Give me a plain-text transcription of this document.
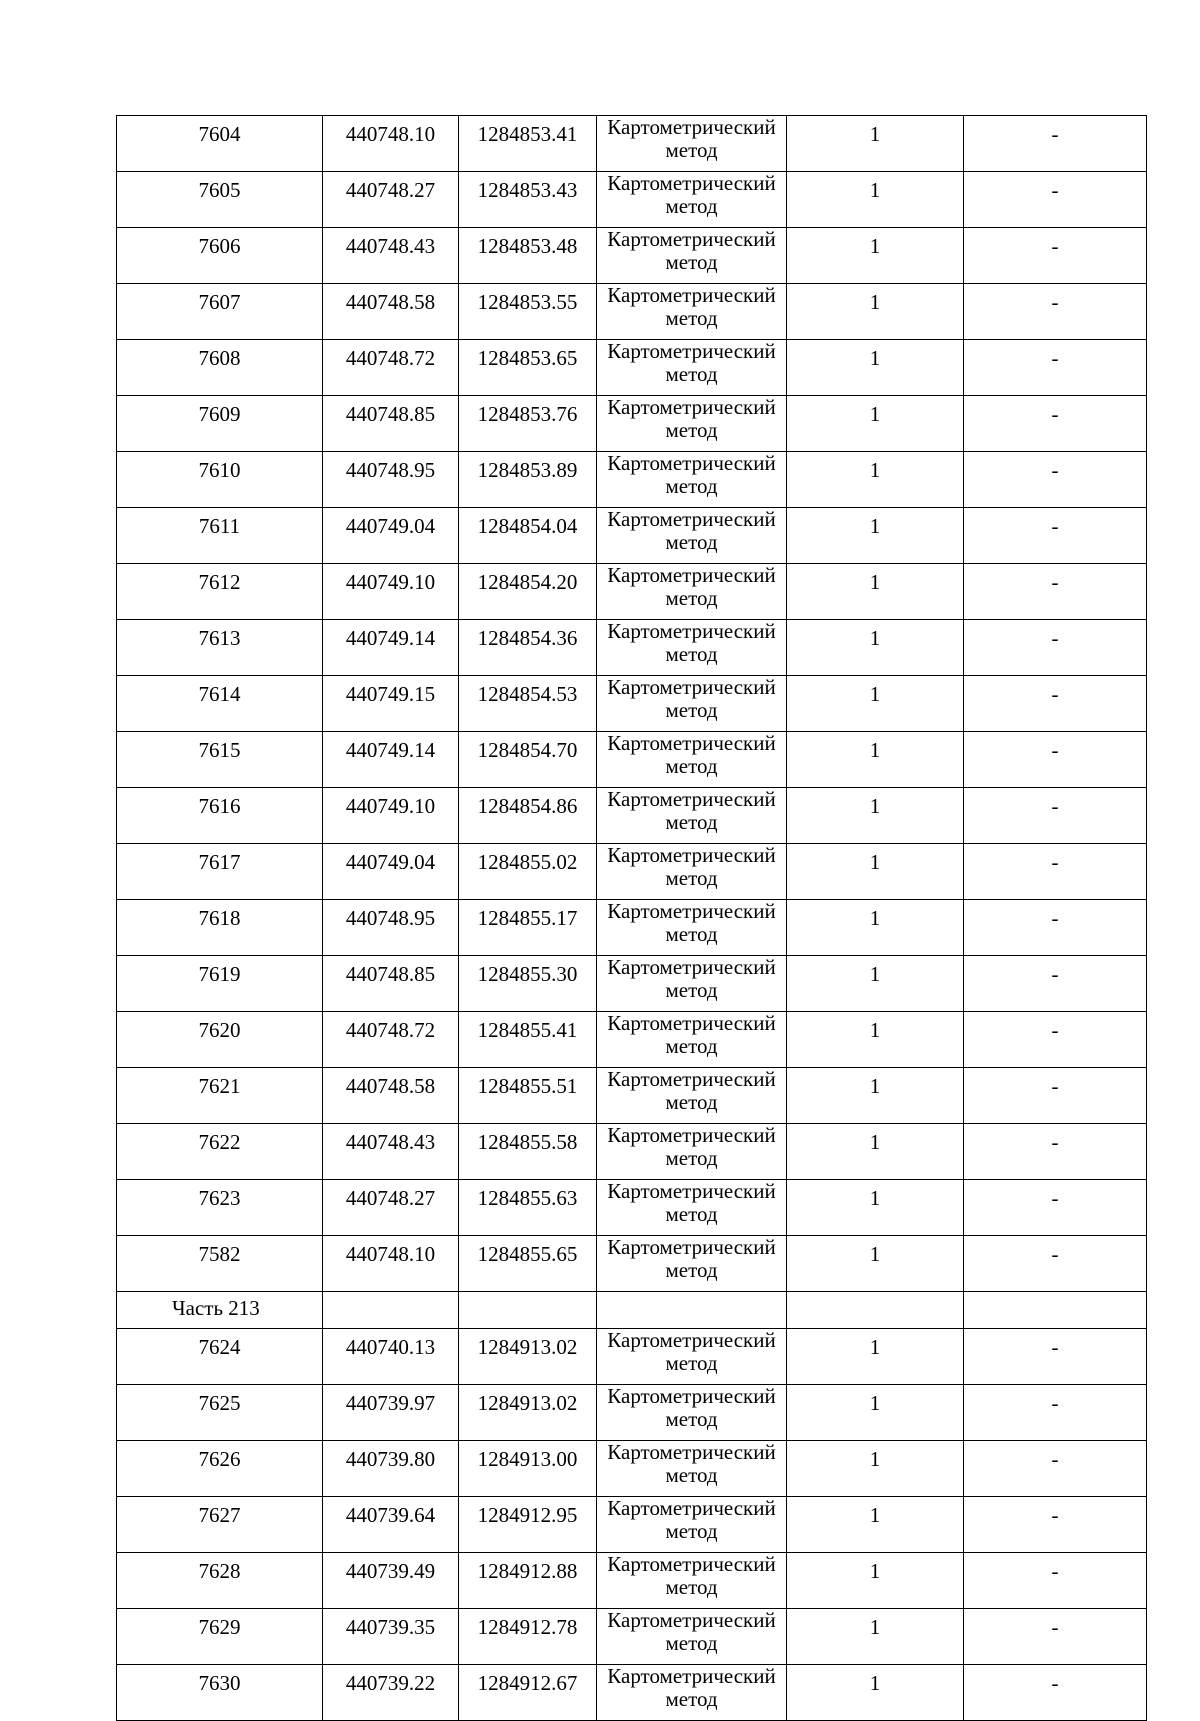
7604	440748.10	1284853.41	Картометрический
метод	1	-
7605	440748.27	1284853.43	Картометрический
метод	1	-
7606	440748.43	1284853.48	Картометрический
метод	1	-
7607	440748.58	1284853.55	Картометрический
метод	1	-
7608	440748.72	1284853.65	Картометрический
метод	1	-
7609	440748.85	1284853.76	Картометрический
метод	1	-
7610	440748.95	1284853.89	Картометрический
метод	1	-
7611	440749.04	1284854.04	Картометрический
метод	1	-
7612	440749.10	1284854.20	Картометрический
метод	1	-
7613	440749.14	1284854.36	Картометрический
метод	1	-
7614	440749.15	1284854.53	Картометрический
метод	1	-
7615	440749.14	1284854.70	Картометрический
метод	1	-
7616	440749.10	1284854.86	Картометрический
метод	1	-
7617	440749.04	1284855.02	Картометрический
метод	1	-
7618	440748.95	1284855.17	Картометрический
метод	1	-
7619	440748.85	1284855.30	Картометрический
метод	1	-
7620	440748.72	1284855.41	Картометрический
метод	1	-
7621	440748.58	1284855.51	Картометрический
метод	1	-
7622	440748.43	1284855.58	Картометрический
метод	1	-
7623	440748.27	1284855.63	Картометрический
метод	1	-
7582	440748.10	1284855.65	Картометрический
метод	1	-
Часть 213					
7624	440740.13	1284913.02	Картометрический
метод	1	-
7625	440739.97	1284913.02	Картометрический
метод	1	-
7626	440739.80	1284913.00	Картометрический
метод	1	-
7627	440739.64	1284912.95	Картометрический
метод	1	-
7628	440739.49	1284912.88	Картометрический
метод	1	-
7629	440739.35	1284912.78	Картометрический
метод	1	-
7630	440739.22	1284912.67	Картометрический
метод	1	-
